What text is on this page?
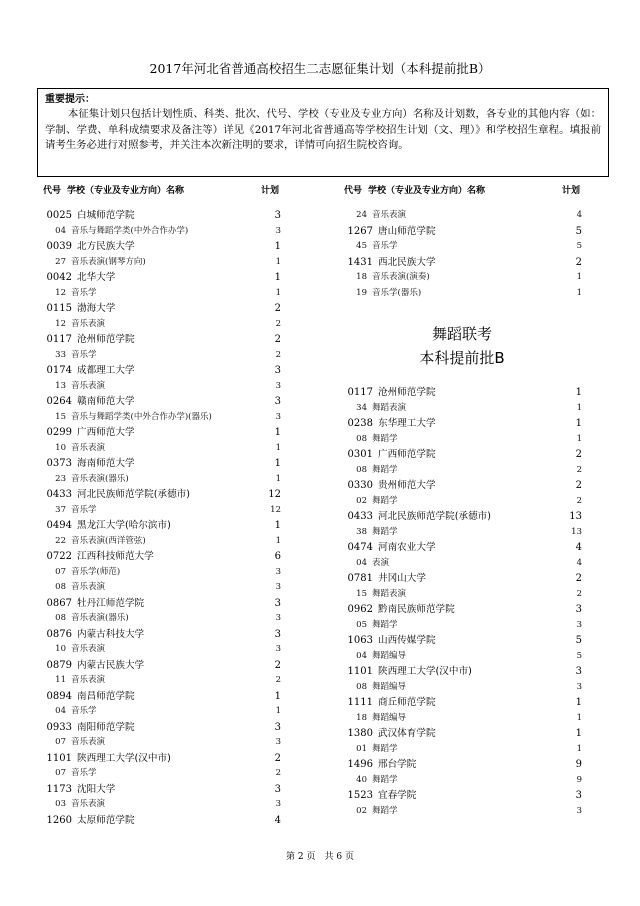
2017年河北省普通高校招生二志愿征集计划（本科提前批B）
重要提示：
本征集计划只包括计划性质、科类、批次、代号、学校（专业及专业方向）名称及计划数，各专业的其他内容（如：学制、学费、单科成绩要求及备注等）详见《2017年河北省普通高等学校招生计划（文、理）》和学校招生章程。填报前请考生务必进行对照参考，并关注本次新注明的要求，详情可向招生院校咨询。
代号 学校（专业及专业方向）名称	计划
0025 白城师范学院	3
04 音乐与舞蹈学类(中外合作办学)	3
0039 北方民族大学	1
27 音乐表演(钢琴方向)	1
0042 北华大学	1
12 音乐学	1
0115 渤海大学	2
12 音乐表演	2
0117 沧州师范学院	2
33 音乐学	2
0174 成都理工大学	3
13 音乐表演	3
0264 赣南师范大学	3
15 音乐与舞蹈学类(中外合作办学)(器乐)	3
0299 广西师范大学	1
10 音乐表演	1
0373 海南师范大学	1
23 音乐表演(器乐)	1
0433 河北民族师范学院(承德市)	12
37 音乐学	12
0494 黑龙江大学(哈尔滨市)	1
22 音乐表演(西洋管弦)	1
0722 江西科技师范大学	6
07 音乐学(师范)	3
08 音乐表演	3
0867 牡丹江师范学院	3
08 音乐表演(器乐)	3
0876 内蒙古科技大学	3
10 音乐表演	3
0879 内蒙古民族大学	2
11 音乐表演	2
0894 南昌师范学院	1
04 音乐学	1
0933 南阳师范学院	3
07 音乐表演	3
1101 陕西理工大学(汉中市)	2
07 音乐学	2
1173 沈阳大学	3
03 音乐表演	3
1260 太原师范学院	4
代号 学校（专业及专业方向）名称	计划
24 音乐表演	4
1267 唐山师范学院	5
45 音乐学	5
1431 西北民族大学	2
18 音乐表演(演奏)	1
19 音乐学(器乐)	1
舞蹈联考
本科提前批B
0117 沧州师范学院	1
34 舞蹈表演	1
0238 东华理工大学	1
08 舞蹈学	1
0301 广西师范学院	2
08 舞蹈学	2
0330 贵州师范大学	2
02 舞蹈学	2
0433 河北民族师范学院(承德市)	13
38 舞蹈学	13
0474 河南农业大学	4
04 表演	4
0781 井冈山大学	2
15 舞蹈表演	2
0962 黔南民族师范学院	3
05 舞蹈学	3
1063 山西传媒学院	5
04 舞蹈编导	5
1101 陕西理工大学(汉中市)	3
08 舞蹈编导	3
1111 商丘师范学院	1
18 舞蹈编导	1
1380 武汉体育学院	1
01 舞蹈学	1
1496 邢台学院	9
40 舞蹈学	9
1523 宜春学院	3
02 舞蹈学	3
第 2 页　共 6 页
